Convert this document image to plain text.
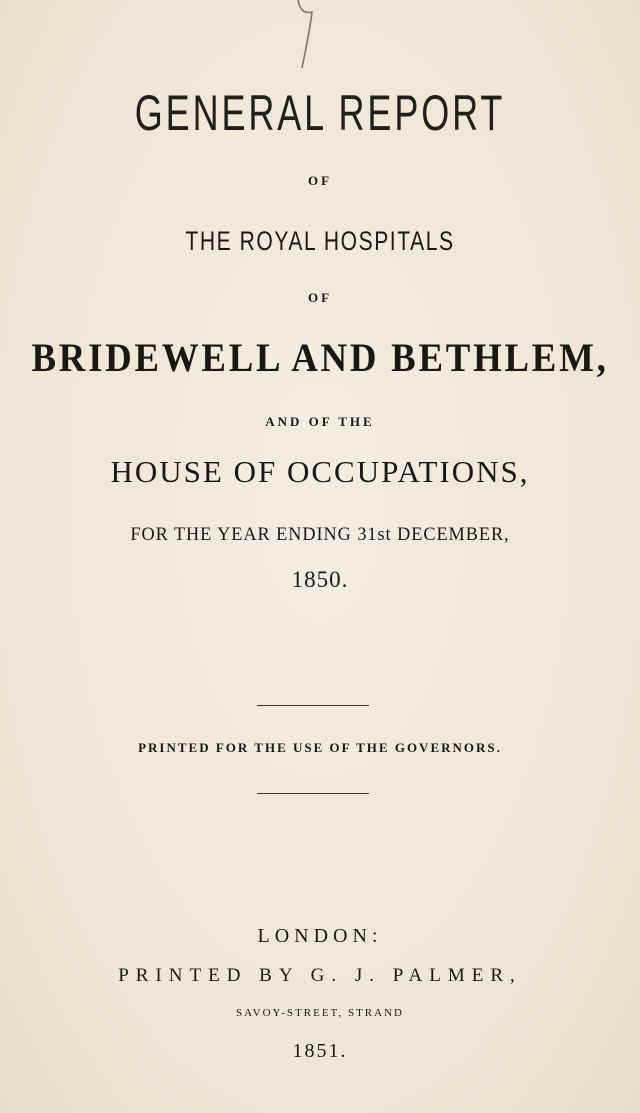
GENERAL REPORT
OF
THE ROYAL HOSPITALS
OF
BRIDEWELL AND BETHLEM,
AND OF THE
HOUSE OF OCCUPATIONS,
FOR THE YEAR ENDING 31st DECEMBER,
1850.
PRINTED FOR THE USE OF THE GOVERNORS.
LONDON:
PRINTED BY G. J. PALMER,
SAVOY-STREET, STRAND
1851.
